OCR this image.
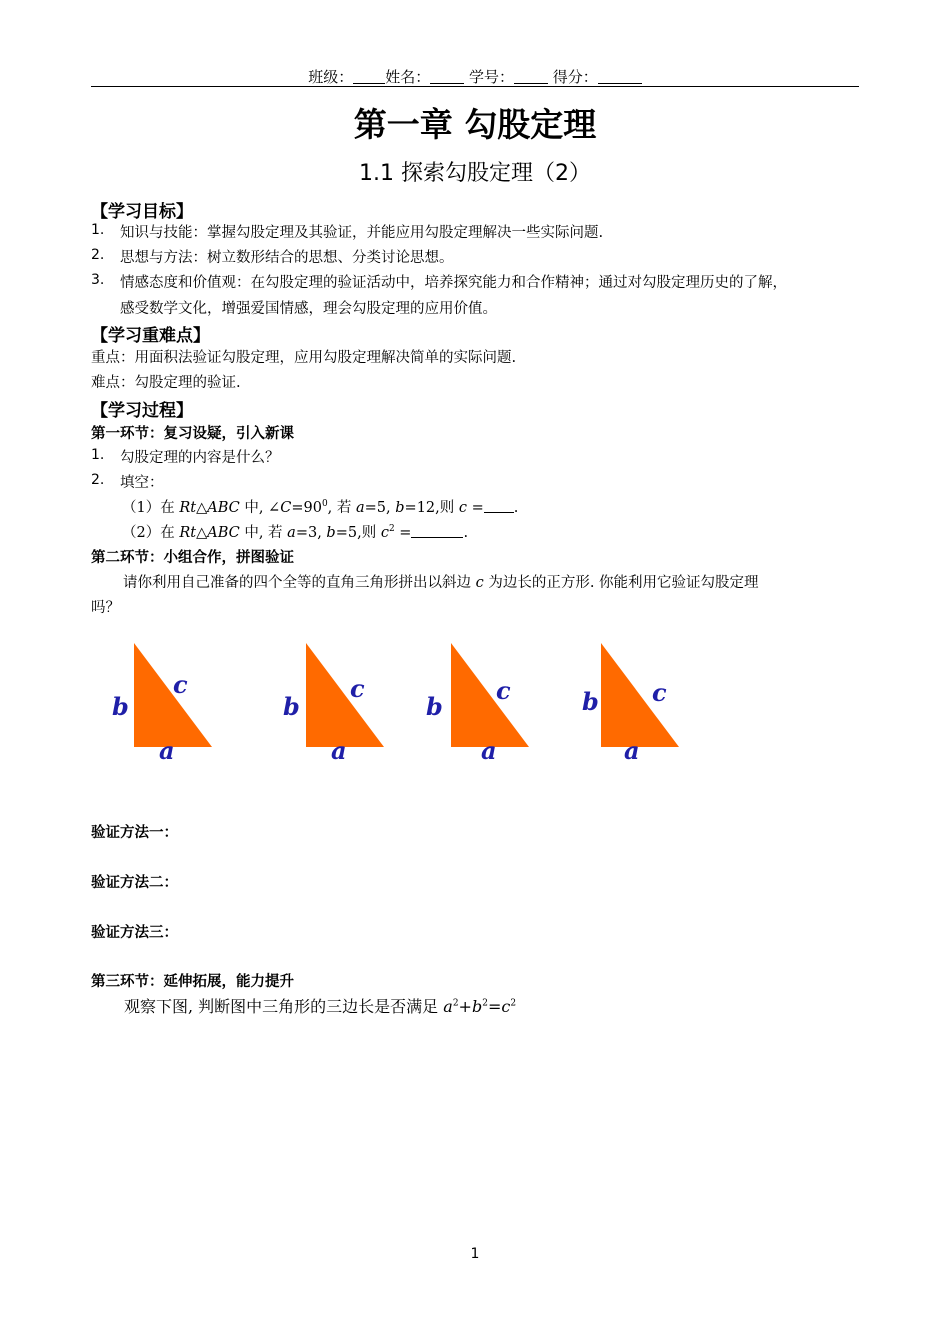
班级： 姓名：	学号：	得分：
第一章 勾股定理
1.1 探索勾股定理（2）
【学习目标】
1. 知识与技能：掌握勾股定理及其验证，并能应用勾股定理解决一些实际问题.
2. 思想与方法：树立数形结合的思想、分类讨论思想。
3. 情感态度和价值观：在勾股定理的验证活动中，培养探究能力和合作精神；通过对勾股定理历史的了解，
感受数学文化，增强爱国情感，理会勾股定理的应用价值。
【学习重难点】
重点：用面积法验证勾股定理，应用勾股定理解决简单的实际问题.
难点：勾股定理的验证.
【学习过程】
第一环节：复习设疑，引入新课
1. 勾股定理的内容是什么？
2. 填空：
（1）在 Rt△ABC 中, $\angle C=90^0$, 若 a=5, b=12,则 c = .
（2）在 Rt△ABC 中, 若 a=3, b=5,则 $c^2$ =	.
第二环节：小组合作，拼图验证
请你利用自己准备的四个全等的直角三角形拼出以斜边 c 为边长的正方形. 你能利用它验证勾股定理
吗？
b
c
a
b
c
a
b
c
a
b c
a
验证方法一：
验证方法二：
验证方法三：
第三环节：延伸拓展，能力提升
观察下图, 判断图中三角形的三边长是否满足 $a^2+b^2=c^2$
1
